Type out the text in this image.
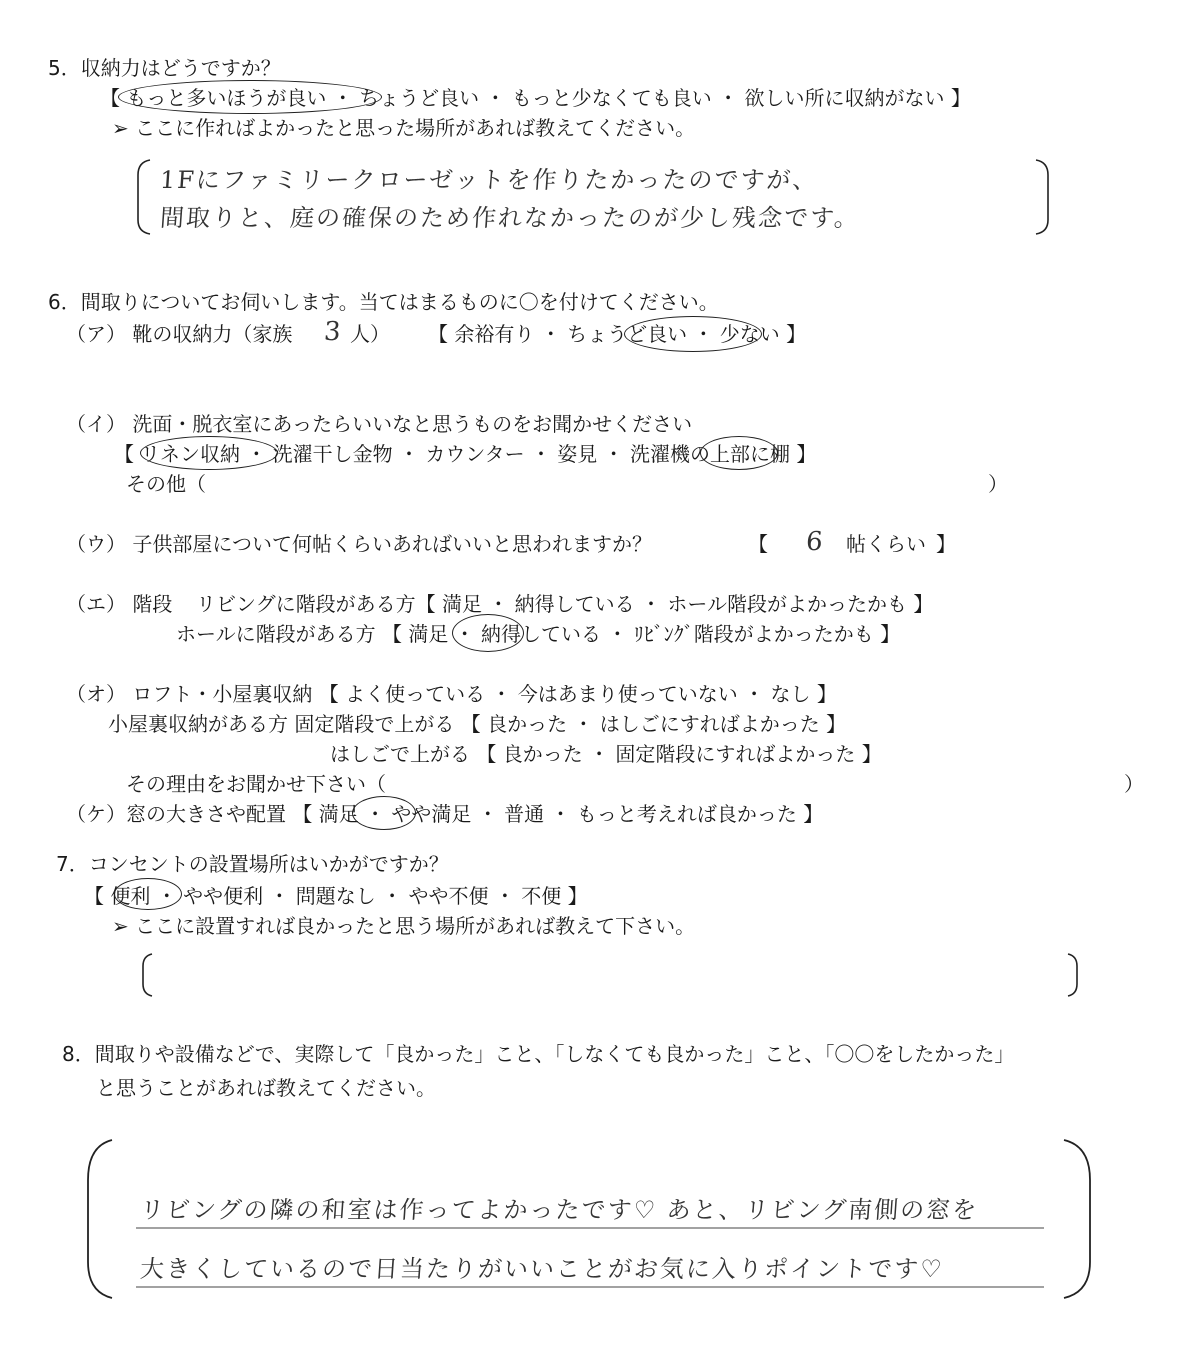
5．収納力はどうですか？
【 もっと多いほうが良い ・ ちょうど良い ・ もっと少なくても良い ・ 欲しい所に収納がない 】
➢ ここに作ればよかったと思った場所があれば教えてください。
1Fにファミリークローゼットを作りたかったのですが、
間取りと、庭の確保のため作れなかったのが少し残念です。
6．間取りについてお伺いします。当てはまるものに〇を付けてください。
（ア） 靴の収納力（家族 3 人） 【 余裕有り ・ ちょうど良い ・ 少ない 】
（イ） 洗面・脱衣室にあったらいいなと思うものをお聞かせください
【 リネン収納 ・ 洗濯干し金物 ・ カウンター ・ 姿見 ・ 洗濯機の上部に棚 】
その他（	）
（ウ） 子供部屋について何帖くらいあればいいと思われますか？	【 6 帖くらい 】
（エ） 階段 リビングに階段がある方【 満足 ・ 納得している ・ ホール階段がよかったかも 】
ホールに階段がある方 【 満足 ・ 納得している ・ ﾘﾋﾞﾝｸﾞ階段がよかったかも 】
（オ） ロフト・小屋裏収納 【 よく使っている ・ 今はあまり使っていない ・ なし 】
小屋裏収納がある方 固定階段で上がる 【 良かった ・ はしごにすればよかった 】
はしごで上がる 【 良かった ・ 固定階段にすればよかった 】
その理由をお聞かせ下さい（	）
（ケ）窓の大きさや配置 【 満足 ・ やや満足 ・ 普通 ・ もっと考えれば良かった 】
7．コンセントの設置場所はいかがですか？
【 便利 ・ やや便利 ・ 問題なし ・ やや不便 ・ 不便 】
➢ ここに設置すれば良かったと思う場所があれば教えて下さい。
8．間取りや設備などで、実際して「良かった」こと、「しなくても良かった」こと、「〇〇をしたかった」
と思うことがあれば教えてください。
リビングの隣の和室は作ってよかったです♡ あと、リビング南側の窓を
大きくしているので日当たりがいいことがお気に入りポイントです♡
